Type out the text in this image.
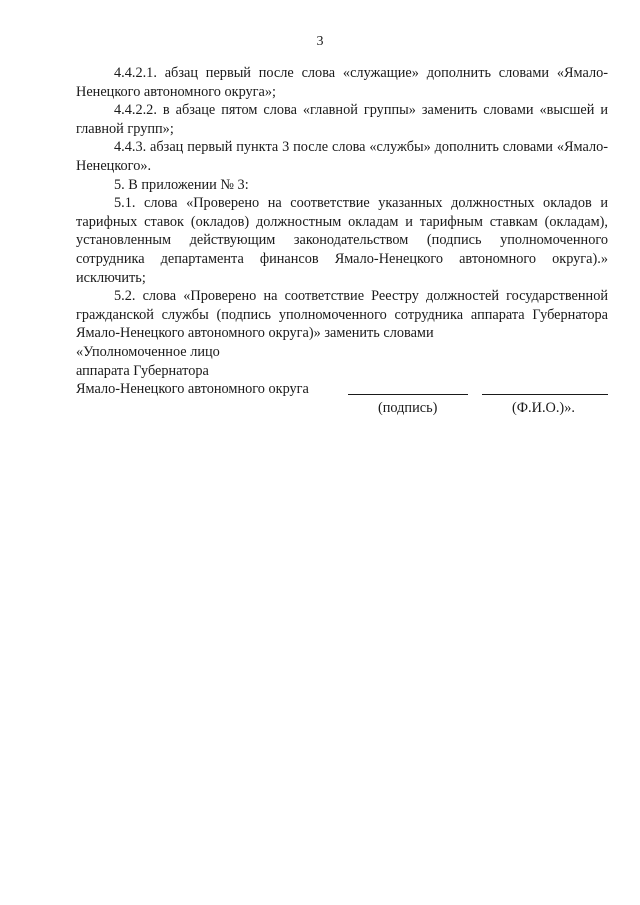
3

4.4.2.1. абзац первый после слова «служащие» дополнить словами «Ямало-Ненецкого автономного округа»;

4.4.2.2. в абзаце пятом слова «главной группы» заменить словами «высшей и главной групп»;

4.4.3. абзац первый пункта 3 после слова «службы» дополнить словами «Ямало-Ненецкого».

5. В приложении № 3:

5.1. слова «Проверено на соответствие указанных должностных окладов и тарифных ставок (окладов) должностным окладам и тарифным ставкам (окладам), установленным действующим законодательством (подпись уполномоченного сотрудника департамента финансов Ямало-Ненецкого автономного округа).» исключить;

5.2. слова «Проверено на соответствие Реестру должностей государственной гражданской службы (подпись уполномоченного сотрудника аппарата Губернатора Ямало-Ненецкого автономного округа)» заменить словами

«Уполномоченное лицо

аппарата Губернатора

Ямало-Ненецкого автономного округа
(подпись)	(Ф.И.О.)».
